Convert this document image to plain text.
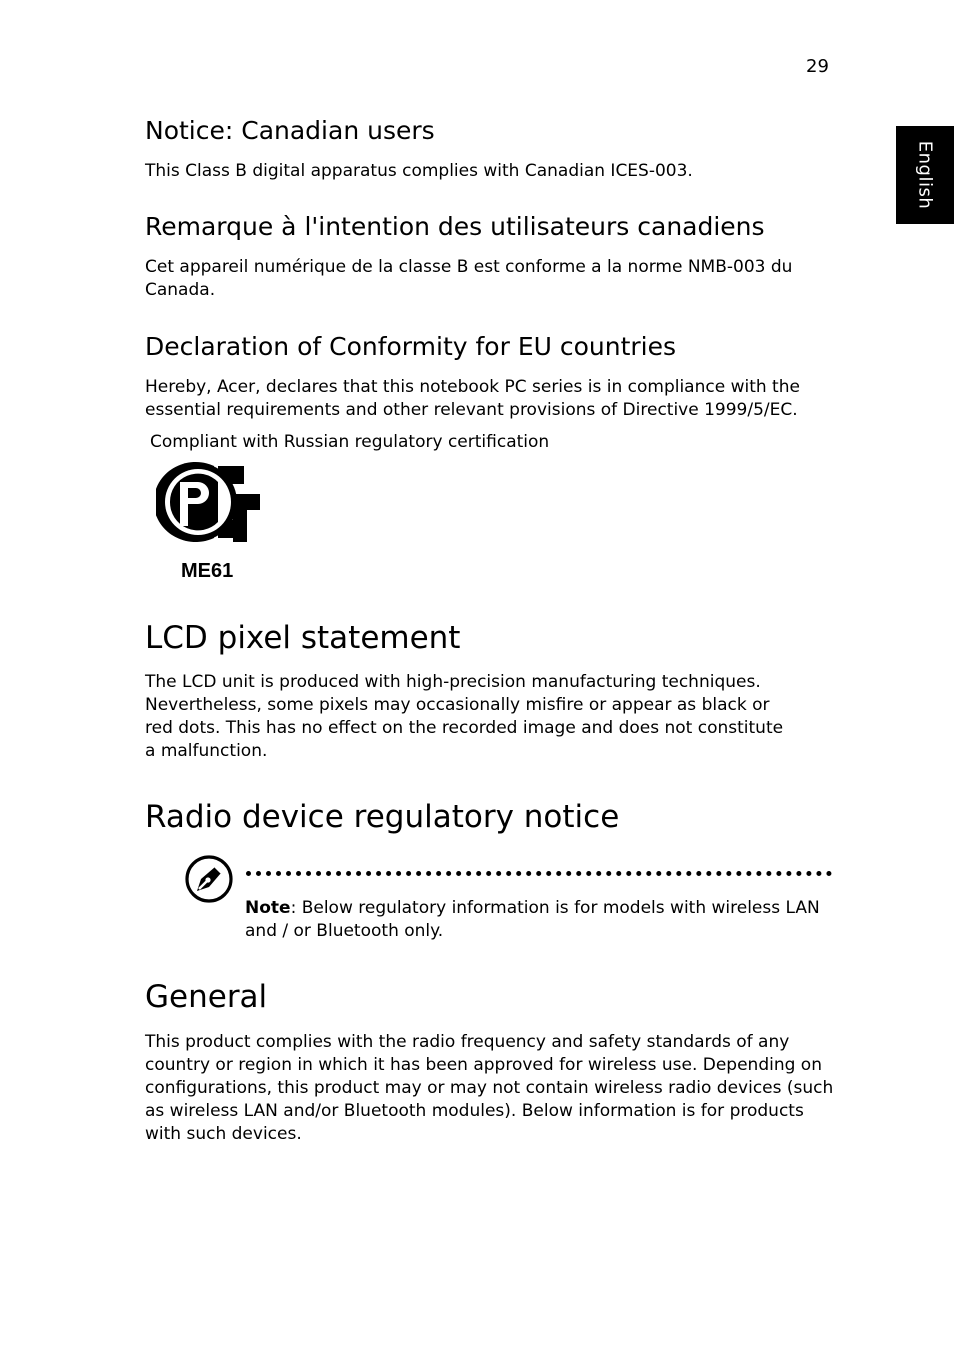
29
English
Notice: Canadian users
This Class B digital apparatus complies with Canadian ICES-003.
Remarque à l'intention des utilisateurs canadiens
Cet appareil numérique de la classe B est conforme a la norme NMB-003 du Canada.
Declaration of Conformity for EU countries
Hereby, Acer, declares that this notebook PC series is in compliance with the essential requirements and other relevant provisions of Directive 1999/5/EC.
Compliant with Russian regulatory certification
ME61
LCD pixel statement
The LCD unit is produced with high-precision manufacturing techniques. Nevertheless, some pixels may occasionally misfire or appear as black or red dots. This has no effect on the recorded image and does not constitute a malfunction.
Radio device regulatory notice
Note: Below regulatory information is for models with wireless LAN and / or Bluetooth only.
General
This product complies with the radio frequency and safety standards of any country or region in which it has been approved for wireless use. Depending on configurations, this product may or may not contain wireless radio devices (such as wireless LAN and/or Bluetooth modules). Below information is for products with such devices.
